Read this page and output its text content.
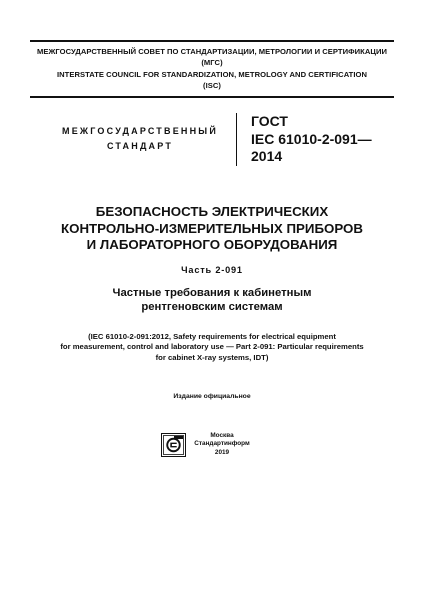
МЕЖГОСУДАРСТВЕННЫЙ СОВЕТ ПО СТАНДАРТИЗАЦИИ, МЕТРОЛОГИИ И СЕРТИФИКАЦИИ
(МГС)
INTERSTATE COUNCIL FOR STANDARDIZATION, METROLOGY AND CERTIFICATION
(ISC)
МЕЖГОСУДАРСТВЕННЫЙ
СТАНДАРТ
ГОСТ
IEC 61010-2-091—
2014
БЕЗОПАСНОСТЬ ЭЛЕКТРИЧЕСКИХ
КОНТРОЛЬНО-ИЗМЕРИТЕЛЬНЫХ ПРИБОРОВ
И ЛАБОРАТОРНОГО ОБОРУДОВАНИЯ
Часть 2-091
Частные требования к кабинетным
рентгеновским системам
(IEC 61010-2-091:2012, Safety requirements for electrical equipment
for measurement, control and laboratory use — Part 2-091: Particular requirements
for cabinet X-ray systems, IDT)
Издание официальное
Москва
Стандартинформ
2019
